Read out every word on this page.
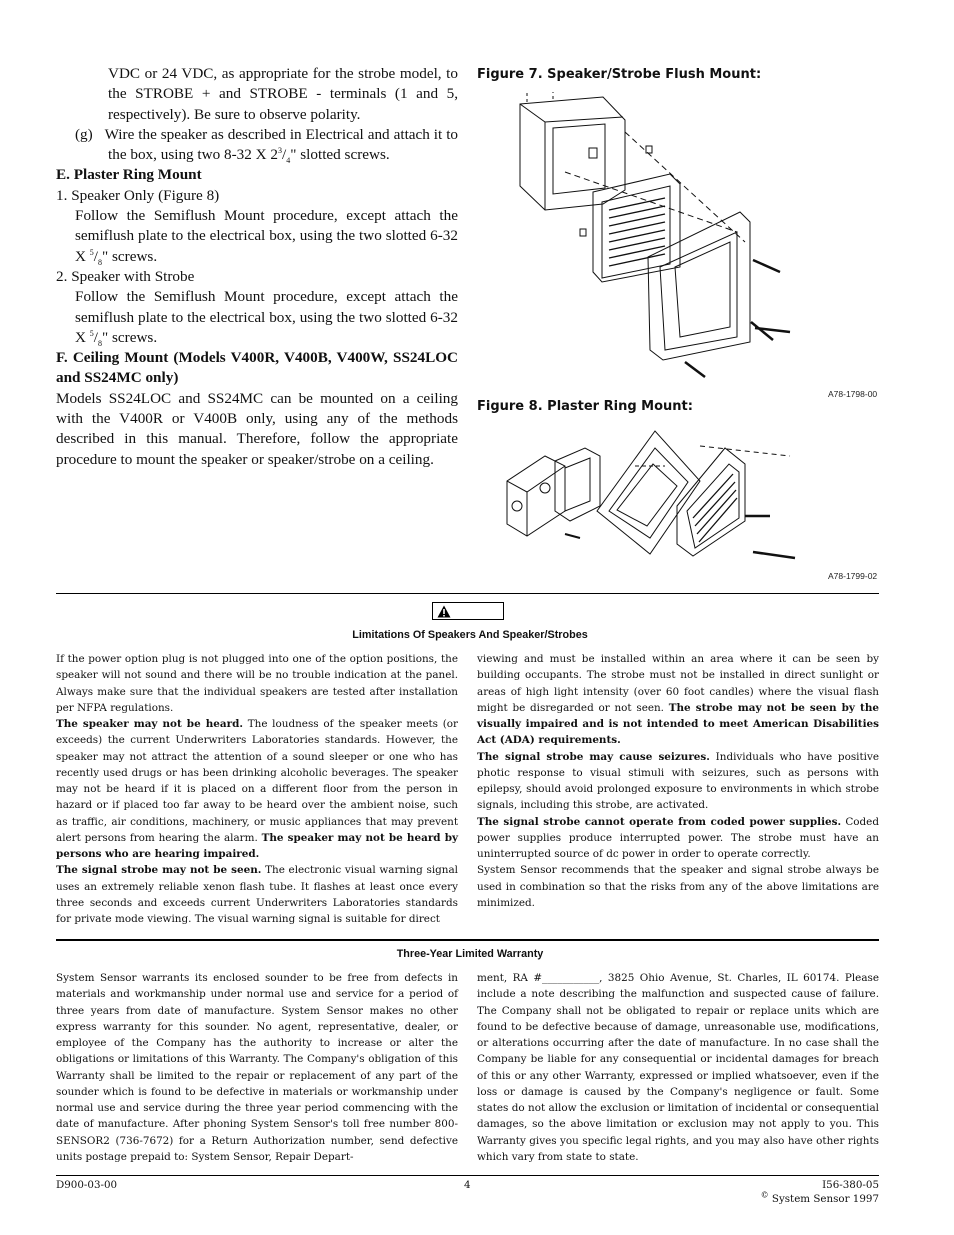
VDC or 24 VDC, as appropriate for the strobe model, to the STROBE + and STROBE - terminals (1 and 5, respectively). Be sure to observe polarity.

(g) Wire the speaker as described in Electrical and attach it to the box, using two 8-32 X $2^3/_4$" slotted screws.

E. Plaster Ring Mount

1. Speaker Only (Figure 8)

Follow the Semiflush Mount procedure, except attach the semiflush plate to the electrical box, using the two slotted 6-32 X $^5/_8$" screws.

2. Speaker with Strobe

Follow the Semiflush Mount procedure, except attach the semiflush plate to the electrical box, using the two slotted 6-32 X $^5/_8$" screws.

F. Ceiling Mount (Models V400R, V400B, V400W, SS24LOC and SS24MC only)

Models SS24LOC and SS24MC can be mounted on a ceiling with the V400R or V400B only, using any of the methods described in this manual. Therefore, follow the appropriate procedure to mount the speaker or speaker/strobe on a ceiling.

Figure 7. Speaker/Strobe Flush Mount:
A78-1798-00
Figure 8. Plaster Ring Mount:
A78-1799-02
Limitations Of Speakers And Speaker/Strobes

If the power option plug is not plugged into one of the option positions, the speaker will not sound and there will be no trouble indication at the panel. Always make sure that the individual speakers are tested after installation per NFPA regulations.

The speaker may not be heard. The loudness of the speaker meets (or exceeds) the current Underwriters Laboratories standards. However, the speaker may not attract the attention of a sound sleeper or one who has recently used drugs or has been drinking alcoholic beverages. The speaker may not be heard if it is placed on a different floor from the person in hazard or if placed too far away to be heard over the ambient noise, such as traffic, air conditions, machinery, or music appliances that may prevent alert persons from hearing the alarm. The speaker may not be heard by persons who are hearing impaired.

The signal strobe may not be seen. The electronic visual warning signal uses an extremely reliable xenon flash tube. It flashes at least once every three seconds and exceeds current Underwriters Laboratories standards for private mode viewing. The visual warning signal is suitable for direct

viewing and must be installed within an area where it can be seen by building occupants. The strobe must not be installed in direct sunlight or areas of high light intensity (over 60 foot candles) where the visual flash might be disregarded or not seen. The strobe may not be seen by the visually impaired and is not intended to meet American Disabilities Act (ADA) requirements.

The signal strobe may cause seizures. Individuals who have positive photic response to visual stimuli with seizures, such as persons with epilepsy, should avoid prolonged exposure to environments in which strobe signals, including this strobe, are activated.

The signal strobe cannot operate from coded power supplies. Coded power supplies produce interrupted power. The strobe must have an uninterrupted source of dc power in order to operate correctly.

System Sensor recommends that the speaker and signal strobe always be used in combination so that the risks from any of the above limitations are minimized.

Three-Year Limited Warranty

System Sensor warrants its enclosed sounder to be free from defects in materials and workmanship under normal use and service for a period of three years from date of manufacture. System Sensor makes no other express warranty for this sounder. No agent, representative, dealer, or employee of the Company has the authority to increase or alter the obligations or limitations of this Warranty. The Company's obligation of this Warranty shall be limited to the repair or replacement of any part of the sounder which is found to be defective in materials or workmanship under normal use and service during the three year period commencing with the date of manufacture. After phoning System Sensor's toll free number 800-SENSOR2 (736-7672) for a Return Authorization number, send defective units postage prepaid to: System Sensor, Repair Depart-

ment, RA #___________, 3825 Ohio Avenue, St. Charles, IL 60174. Please include a note describing the malfunction and suspected cause of failure. The Company shall not be obligated to repair or replace units which are found to be defective because of damage, unreasonable use, modifications, or alterations occurring after the date of manufacture. In no case shall the Company be liable for any consequential or incidental damages for breach of this or any other Warranty, expressed or implied whatsoever, even if the loss or damage is caused by the Company's negligence or fault. Some states do not allow the exclusion or limitation of incidental or consequential damages, so the above limitation or exclusion may not apply to you. This Warranty gives you specific legal rights, and you may also have other rights which vary from state to state.

D900-03-00	4	I56-380-05
© System Sensor 1997
